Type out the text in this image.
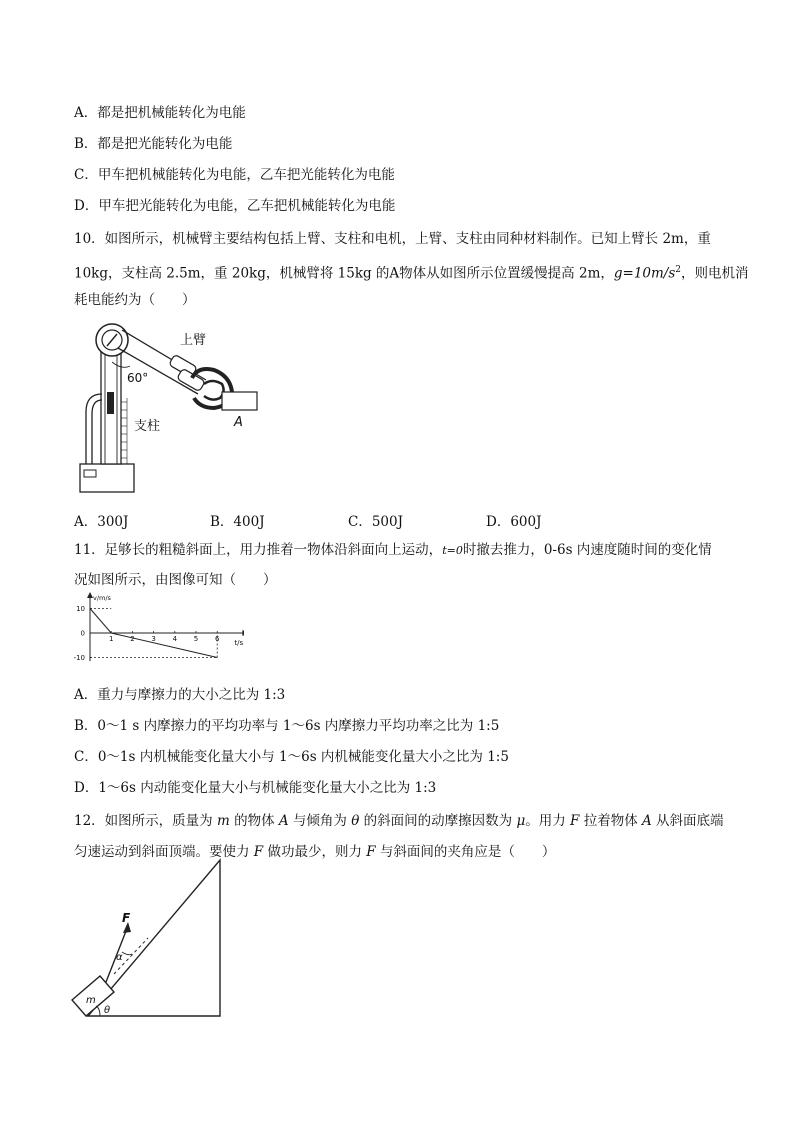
A．都是把机械能转化为电能
B．都是把光能转化为电能
C．甲车把机械能转化为电能，乙车把光能转化为电能
D．甲车把光能转化为电能，乙车把机械能转化为电能
10．如图所示，机械臂主要结构包括上臂、支柱和电机，上臂、支柱由同种材料制作。已知上臂长 2m，重
10kg，支柱高 2.5m，重 20kg，机械臂将 15kg 的A物体从如图所示位置缓慢提高 2m，$g=10m/s^2$，则电机消
耗电能约为（　　）
上臂
60°
支柱	A
A．300J	B．400J	C．500J	D．600J
11．足够长的粗糙斜面上，用力推着一物体沿斜面向上运动，t=0时撤去推力，0-6s 内速度随时间的变化情
况如图所示，由图像可知（　　）
v/m/s
t/s
1 2 3 4 5 6
10
0
-10
A．重力与摩擦力的大小之比为 1:3
B．0～1 s 内摩擦力的平均功率与 1～6s 内摩擦力平均功率之比为 1:5
C．0～1s 内机械能变化量大小与 1～6s 内机械能变化量大小之比为 1:5
D．1～6s 内动能变化量大小与机械能变化量大小之比为 1:3
12．如图所示，质量为 m 的物体 A 与倾角为 θ 的斜面间的动摩擦因数为 μ。用力 F 拉着物体 A 从斜面底端
匀速运动到斜面顶端。要使力 F 做功最少，则力 F 与斜面间的夹角应是（　　）
F
α
m
θ
